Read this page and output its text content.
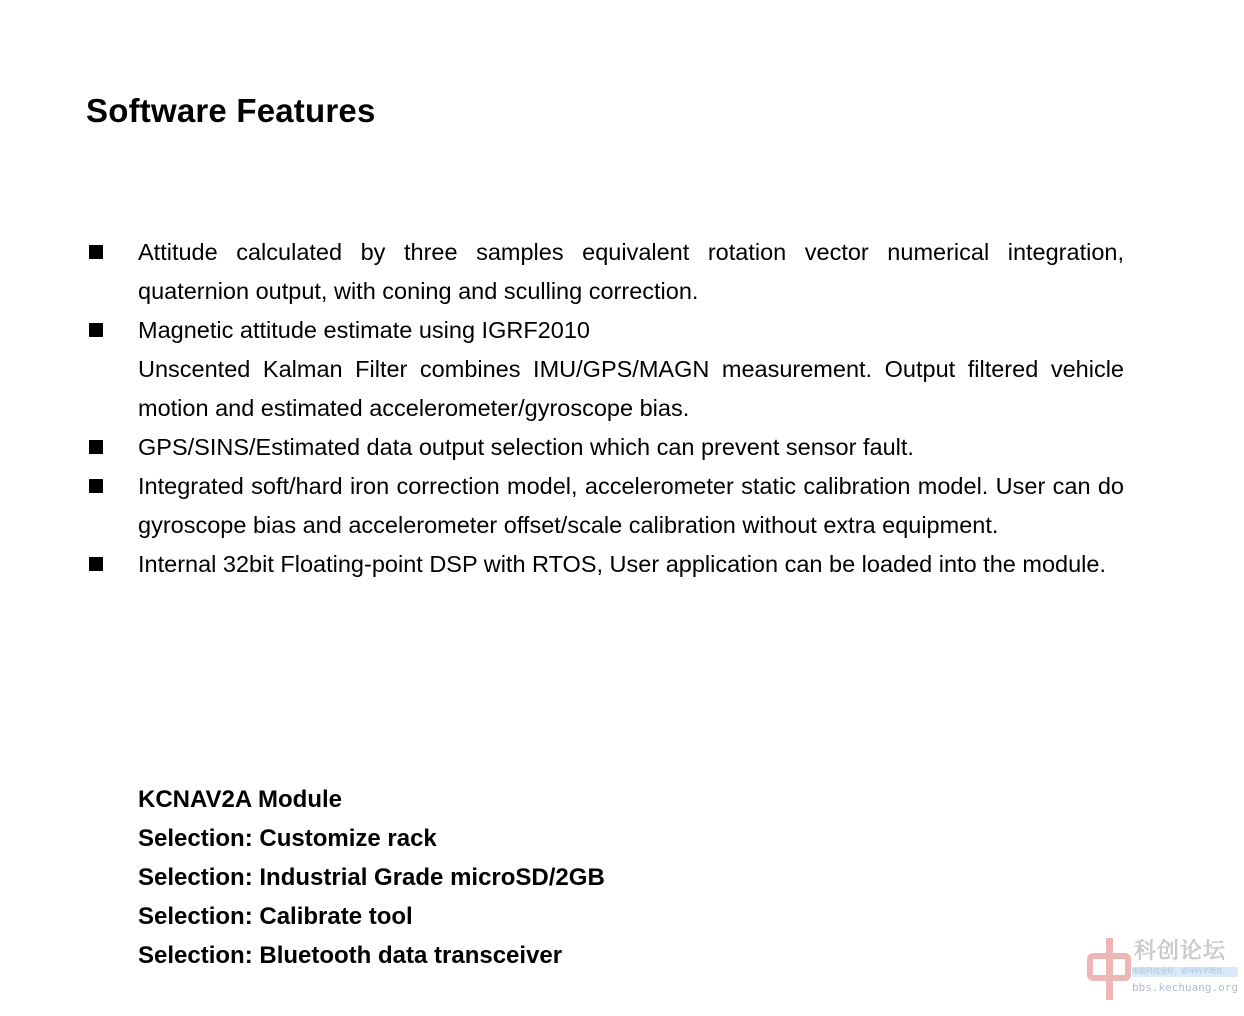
Software Features
Attitude calculated by three samples equivalent rotation vector numerical integration, quaternion output, with coning and sculling correction.
Magnetic attitude estimate using IGRF2010
Unscented Kalman Filter combines IMU/GPS/MAGN measurement. Output filtered vehicle motion and estimated accelerometer/gyroscope bias.
GPS/SINS/Estimated data output selection which can prevent sensor fault.
Integrated soft/hard iron correction model, accelerometer static calibration model. User can do gyroscope bias and accelerometer offset/scale calibration without extra equipment.
Internal 32bit Floating-point DSP with RTOS, User application can be loaded into the module.
KCNAV2A Module
Selection: Customize rack
Selection: Industrial Grade microSD/2GB
Selection: Calibrate tool
Selection: Bluetooth data transceiver	科创论坛
电脑科技爱好，倡导科学理性
bbs.kechuang.org
